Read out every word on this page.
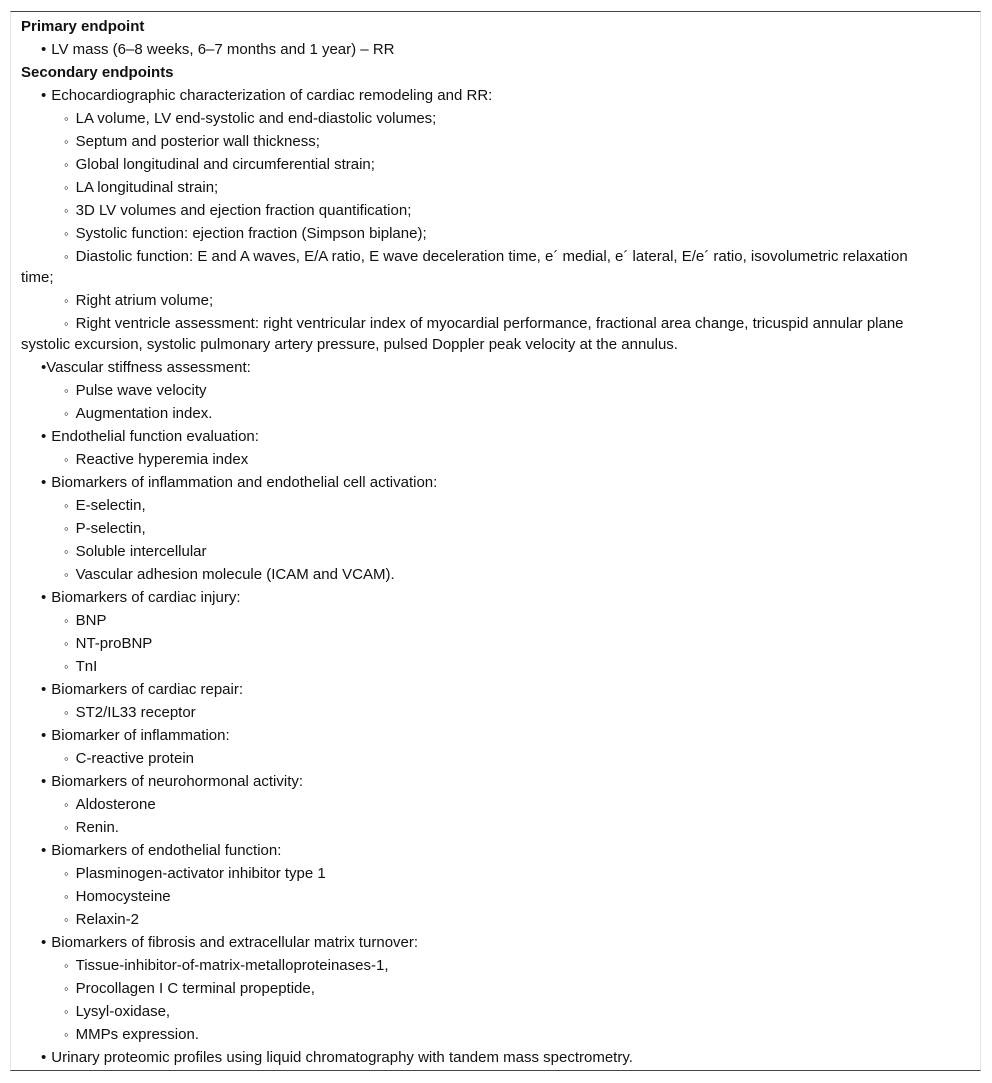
Primary endpoint
• LV mass (6–8 weeks, 6–7 months and 1 year) – RR
Secondary endpoints
• Echocardiographic characterization of cardiac remodeling and RR:
◦ LA volume, LV end-systolic and end-diastolic volumes;
◦ Septum and posterior wall thickness;
◦ Global longitudinal and circumferential strain;
◦ LA longitudinal strain;
◦ 3D LV volumes and ejection fraction quantification;
◦ Systolic function: ejection fraction (Simpson biplane);
◦ Diastolic function: E and A waves, E/A ratio, E wave deceleration time, e´ medial, e´ lateral, E/e´ ratio, isovolumetric relaxation time;
◦ Right atrium volume;
◦ Right ventricle assessment: right ventricular index of myocardial performance, fractional area change, tricuspid annular plane systolic excursion, systolic pulmonary artery pressure, pulsed Doppler peak velocity at the annulus.
•Vascular stiffness assessment:
◦ Pulse wave velocity
◦ Augmentation index.
• Endothelial function evaluation:
◦ Reactive hyperemia index
• Biomarkers of inflammation and endothelial cell activation:
◦ E-selectin,
◦ P-selectin,
◦ Soluble intercellular
◦ Vascular adhesion molecule (ICAM and VCAM).
• Biomarkers of cardiac injury:
◦ BNP
◦ NT-proBNP
◦ TnI
• Biomarkers of cardiac repair:
◦ ST2/IL33 receptor
• Biomarker of inflammation:
◦ C-reactive protein
• Biomarkers of neurohormonal activity:
◦ Aldosterone
◦ Renin.
• Biomarkers of endothelial function:
◦ Plasminogen-activator inhibitor type 1
◦ Homocysteine
◦ Relaxin-2
• Biomarkers of fibrosis and extracellular matrix turnover:
◦ Tissue-inhibitor-of-matrix-metalloproteinases-1,
◦ Procollagen I C terminal propeptide,
◦ Lysyl-oxidase,
◦ MMPs expression.
• Urinary proteomic profiles using liquid chromatography with tandem mass spectrometry.
